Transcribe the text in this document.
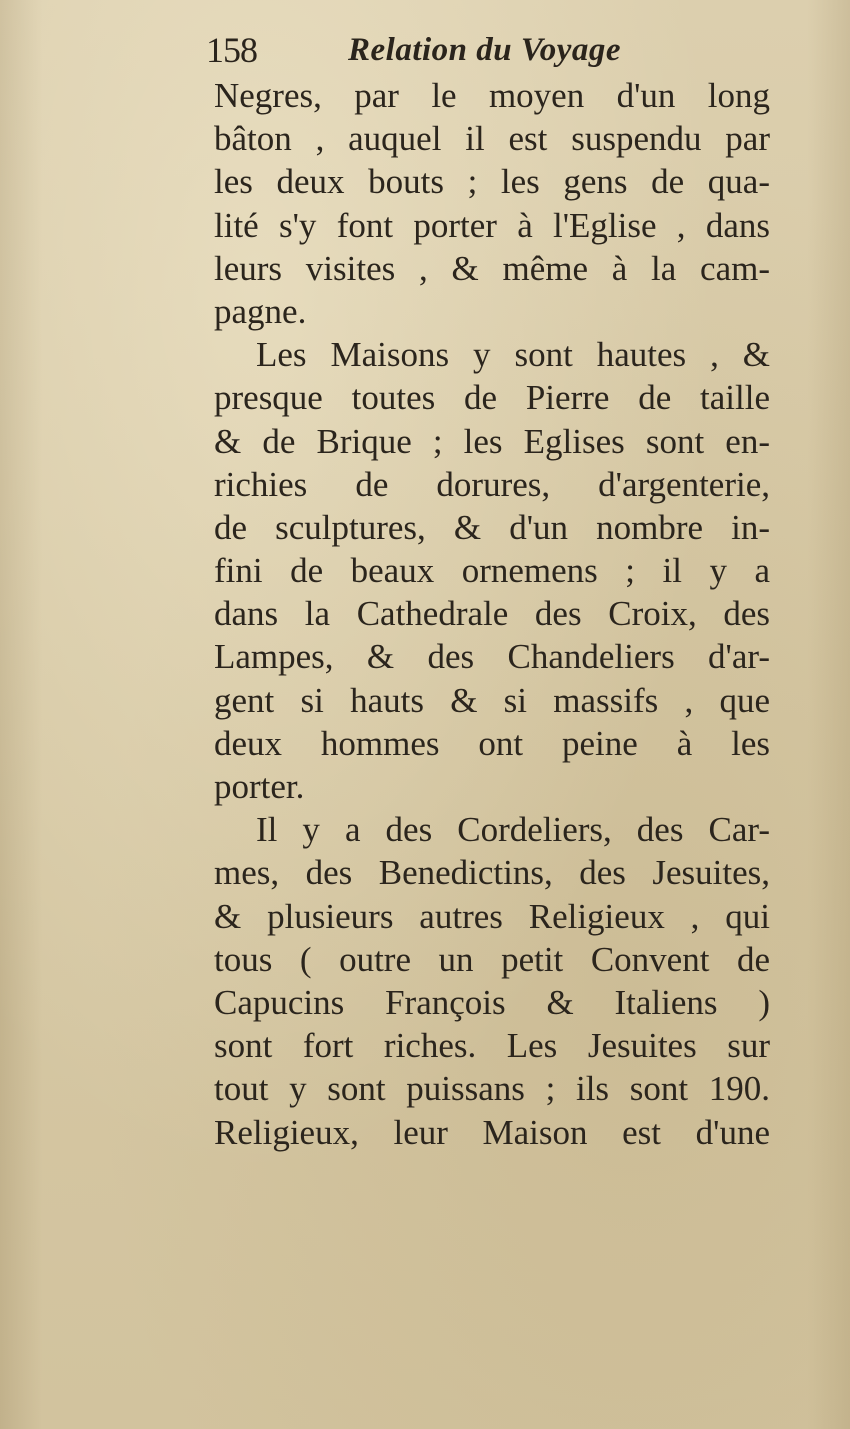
158	Relation du Voyage
Negres, par le moyen d'un long
bâton , auquel il est suspendu par
les deux bouts ; les gens de qua-
lité s'y font porter à l'Eglise , dans
leurs visites , & même à la cam-
pagne.
Les Maisons y sont hautes , &
presque toutes de Pierre de taille
& de Brique ; les Eglises sont en-
richies de dorures, d'argenterie,
de sculptures, & d'un nombre in-
fini de beaux ornemens ; il y a
dans la Cathedrale des Croix, des
Lampes, & des Chandeliers d'ar-
gent si hauts & si massifs , que
deux hommes ont peine à les
porter.
Il y a des Cordeliers, des Car-
mes, des Benedictins, des Jesuites,
& plusieurs autres Religieux , qui
tous ( outre un petit Convent de
Capucins François & Italiens )
sont fort riches. Les Jesuites sur
tout y sont puissans ; ils sont 190.
Religieux, leur Maison est d'une
